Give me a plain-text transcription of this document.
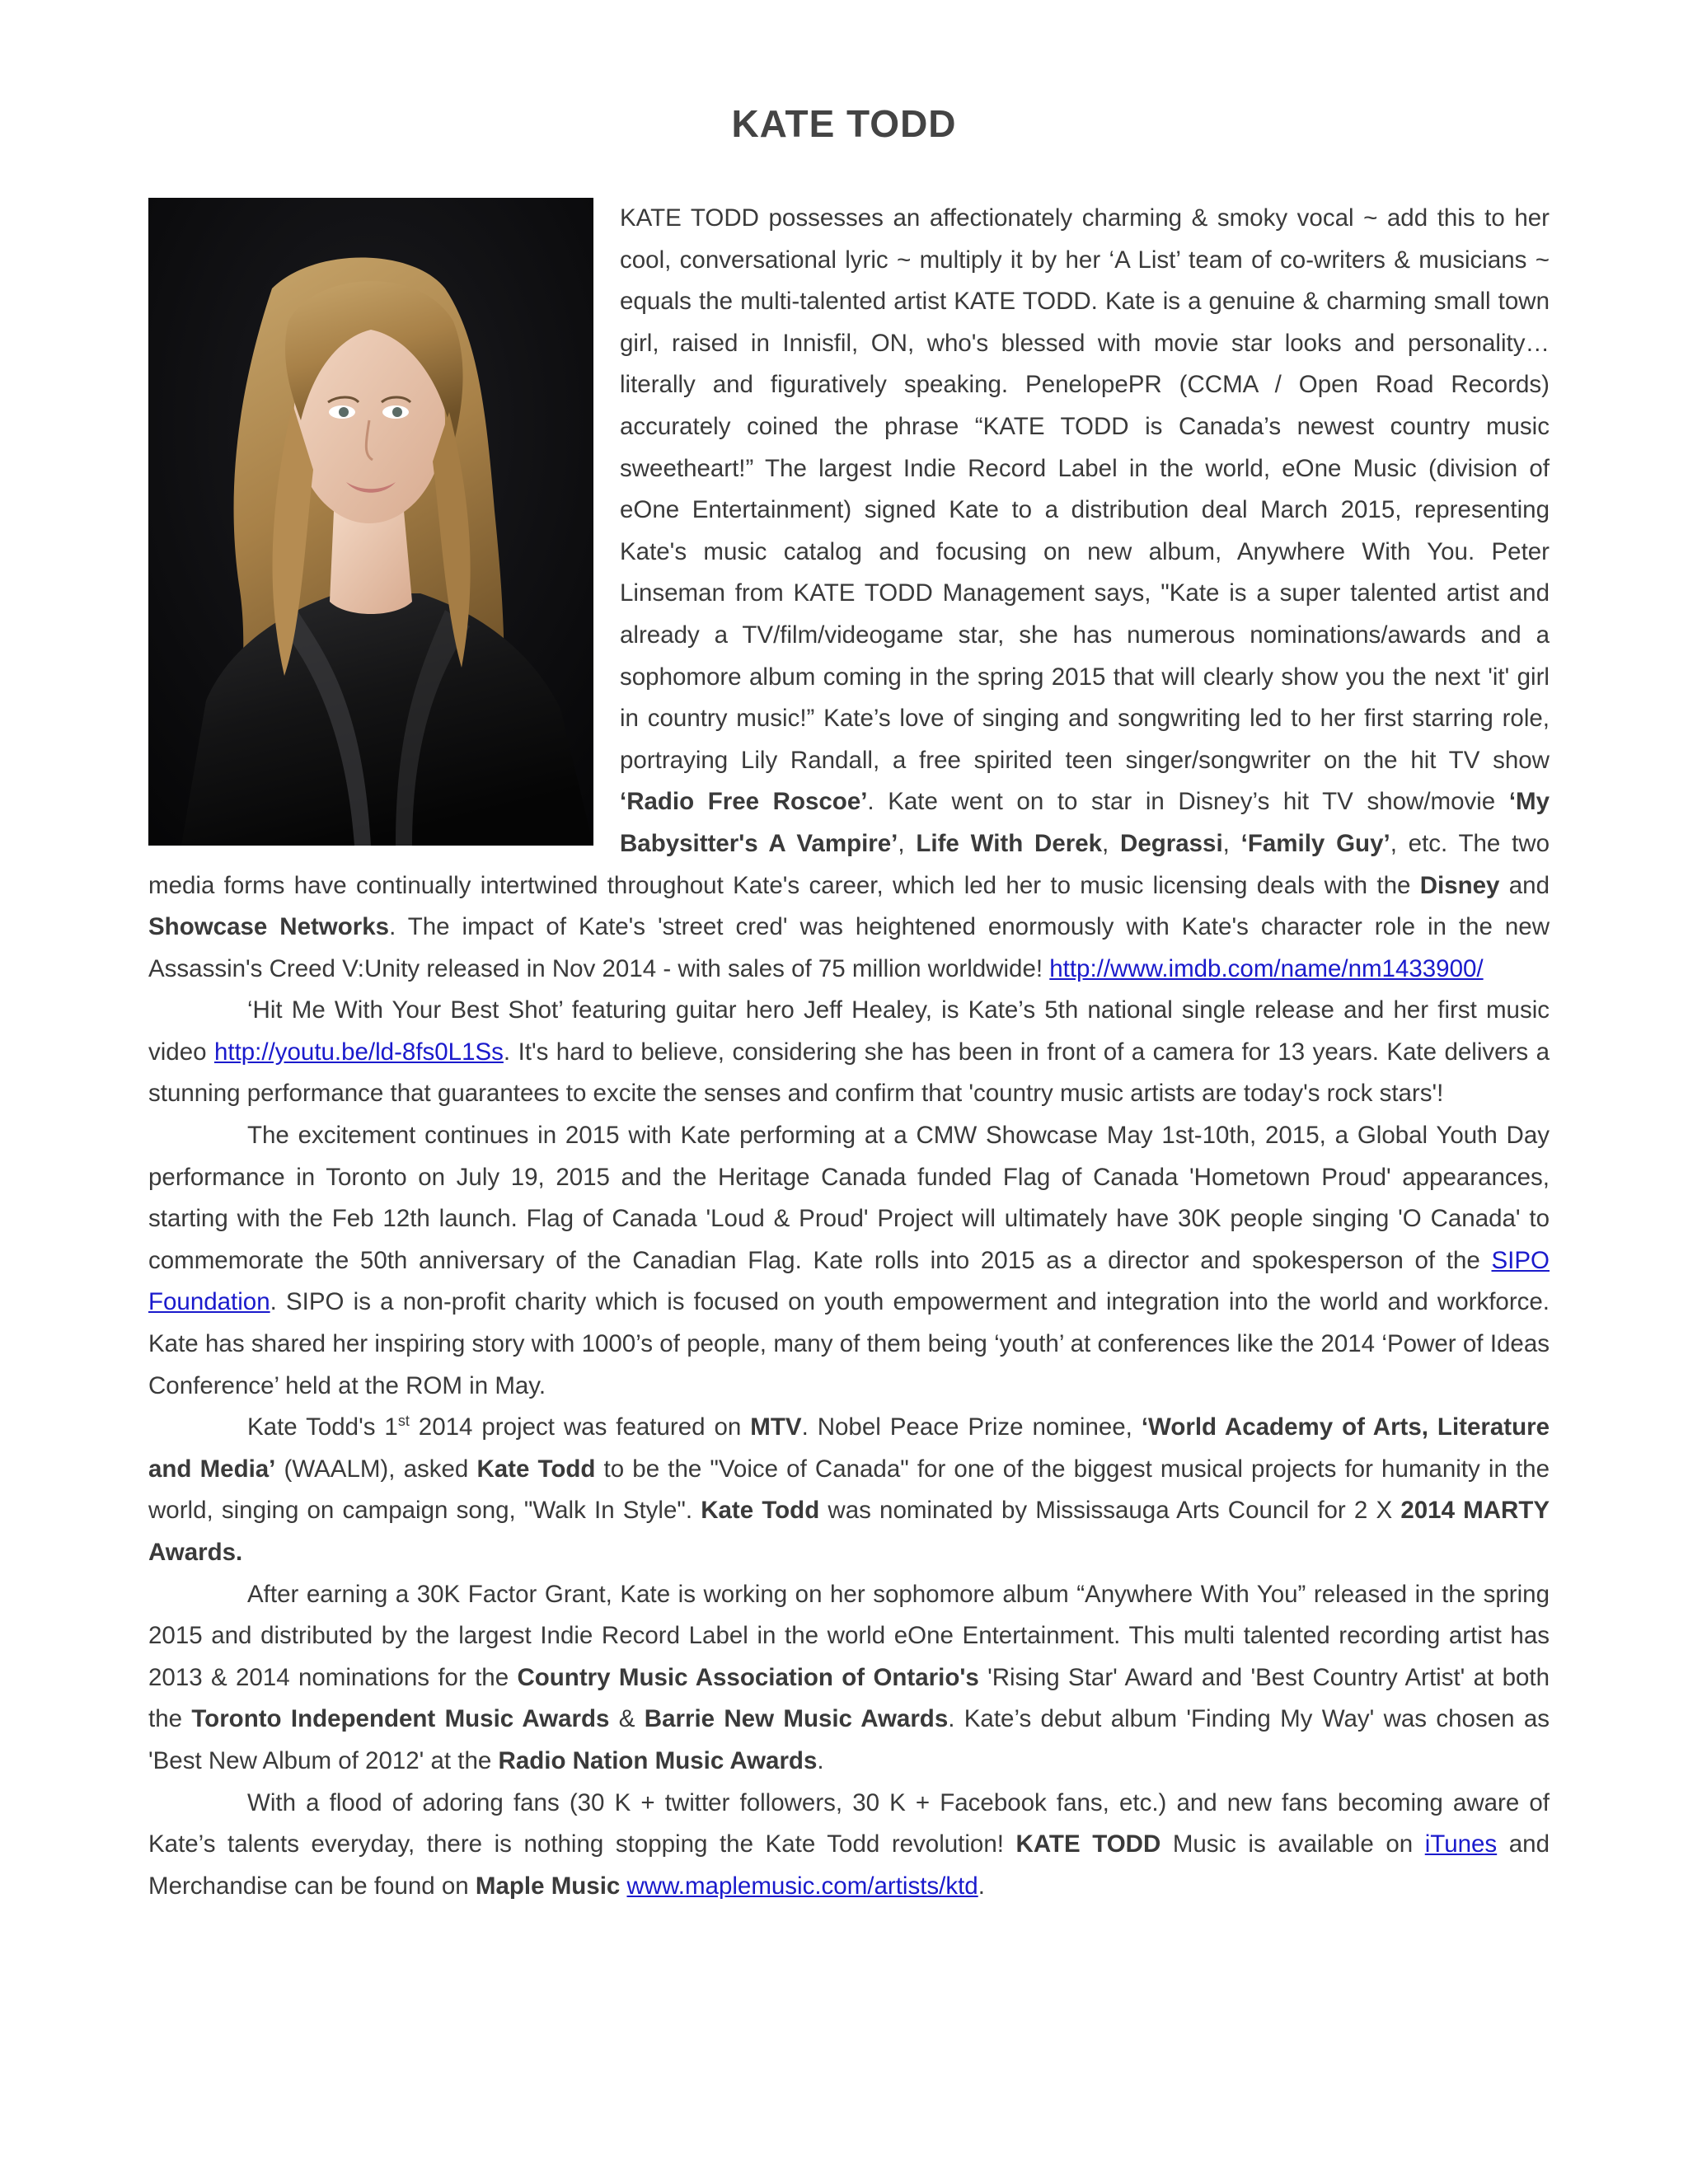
KATE TODD

KATE TODD possesses an affectionately charming & smoky vocal ~ add this to her cool, conversational lyric ~ multiply it by her ‘A List’ team of co-writers & musicians ~ equals the multi-talented artist KATE TODD. Kate is a genuine & charming small town girl, raised in Innisfil, ON, who's blessed with movie star looks and personality…literally and figuratively speaking. PenelopePR (CCMA / Open Road Records) accurately coined the phrase “KATE TODD is Canada’s newest country music sweetheart!” The largest Indie Record Label in the world, eOne Music (division of eOne Entertainment) signed Kate to a distribution deal March 2015, representing Kate's music catalog and focusing on new album, Anywhere With You. Peter Linseman from KATE TODD Management says, "Kate is a super talented artist and already a TV/film/videogame star, she has numerous nominations/awards and a sophomore album coming in the spring 2015 that will clearly show you the next 'it' girl in country music!” Kate’s love of singing and songwriting led to her first starring role, portraying Lily Randall, a free spirited teen singer/songwriter on the hit TV show ‘Radio Free Roscoe’. Kate went on to star in Disney’s hit TV show/movie ‘My Babysitter's A Vampire’, Life With Derek, Degrassi, ‘Family Guy’, etc. The two media forms have continually intertwined throughout Kate's career, which led her to music licensing deals with the Disney and Showcase Networks. The impact of Kate's 'street cred' was heightened enormously with Kate's character role in the new Assassin's Creed V:Unity released in Nov 2014 - with sales of 75 million worldwide! http://www.imdb.com/name/nm1433900/

‘Hit Me With Your Best Shot’ featuring guitar hero Jeff Healey, is Kate’s 5th national single release and her first music video http://youtu.be/ld-8fs0L1Ss. It's hard to believe, considering she has been in front of a camera for 13 years. Kate delivers a stunning performance that guarantees to excite the senses and confirm that 'country music artists are today's rock stars'!

The excitement continues in 2015 with Kate performing at a CMW Showcase May 1st-10th, 2015, a Global Youth Day performance in Toronto on July 19, 2015 and the Heritage Canada funded Flag of Canada 'Hometown Proud' appearances, starting with the Feb 12th launch. Flag of Canada 'Loud & Proud' Project will ultimately have 30K people singing 'O Canada' to commemorate the 50th anniversary of the Canadian Flag. Kate rolls into 2015 as a director and spokesperson of the SIPO Foundation. SIPO is a non-profit charity which is focused on youth empowerment and integration into the world and workforce. Kate has shared her inspiring story with 1000’s of people, many of them being ‘youth’ at conferences like the 2014 ‘Power of Ideas Conference’ held at the ROM in May.

Kate Todd's 1st 2014 project was featured on MTV. Nobel Peace Prize nominee, ‘World Academy of Arts, Literature and Media’ (WAALM), asked Kate Todd to be the "Voice of Canada" for one of the biggest musical projects for humanity in the world, singing on campaign song, "Walk In Style". Kate Todd was nominated by Mississauga Arts Council for 2 X 2014 MARTY Awards.

After earning a 30K Factor Grant, Kate is working on her sophomore album “Anywhere With You” released in the spring 2015 and distributed by the largest Indie Record Label in the world eOne Entertainment. This multi talented recording artist has 2013 & 2014 nominations for the Country Music Association of Ontario's 'Rising Star' Award and 'Best Country Artist' at both the Toronto Independent Music Awards & Barrie New Music Awards. Kate’s debut album 'Finding My Way' was chosen as 'Best New Album of 2012' at the Radio Nation Music Awards.

With a flood of adoring fans (30 K + twitter followers, 30 K + Facebook fans, etc.) and new fans becoming aware of Kate’s talents everyday, there is nothing stopping the Kate Todd revolution! KATE TODD Music is available on iTunes and Merchandise can be found on Maple Music www.maplemusic.com/artists/ktd.
